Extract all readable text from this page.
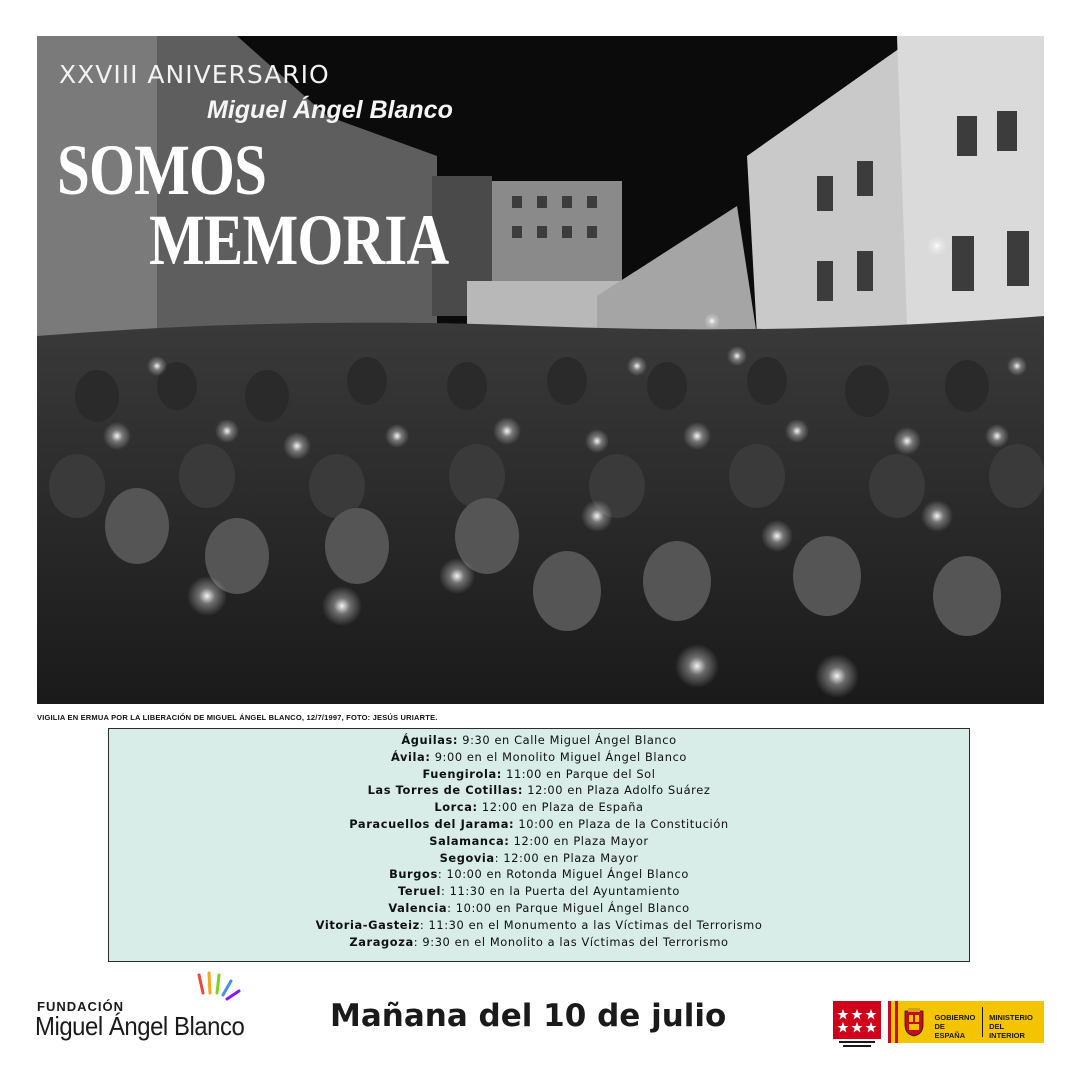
XXVIII ANIVERSARIO
Miguel Ángel Blanco
SOMOS
MEMORIA
VIGILIA EN ERMUA POR LA LIBERACIÓN DE MIGUEL ÁNGEL BLANCO, 12/7/1997, FOTO: JESÚS URIARTE.
Águilas: 9:30 en Calle Miguel Ángel Blanco
Ávila: 9:00 en el Monolito Miguel Ángel Blanco
Fuengirola: 11:00 en Parque del Sol
Las Torres de Cotillas: 12:00 en Plaza Adolfo Suárez
Lorca: 12:00 en Plaza de España
Paracuellos del Jarama: 10:00 en Plaza de la Constitución
Salamanca: 12:00 en Plaza Mayor
Segovia: 12:00 en Plaza Mayor
Burgos: 10:00 en Rotonda Miguel Ángel Blanco
Teruel: 11:30 en la Puerta del Ayuntamiento
Valencia: 10:00 en Parque Miguel Ángel Blanco
Vitoria-Gasteiz: 11:30 en el Monumento a las Víctimas del Terrorismo
Zaragoza: 9:30 en el Monolito a las Víctimas del Terrorismo
FUNDACIÓN
Miguel Ángel Blanco	Mañana del 10 de julio	GOBIERNO
DE ESPAÑA
MINISTERIO
DEL INTERIOR
